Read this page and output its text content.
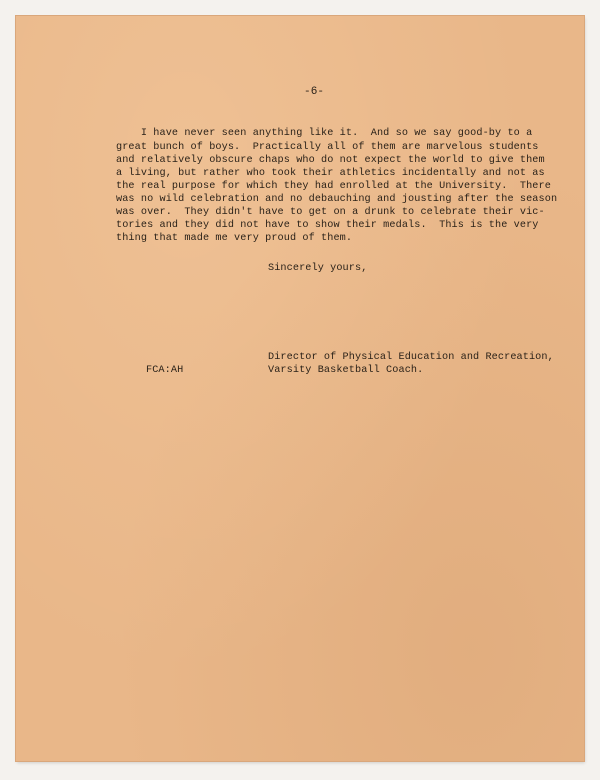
-6-
I have never seen anything like it.  And so we say good-by to a
great bunch of boys.  Practically all of them are marvelous students
and relatively obscure chaps who do not expect the world to give them
a living, but rather who took their athletics incidentally and not as
the real purpose for which they had enrolled at the University.  There
was no wild celebration and no debauching and jousting after the season
was over.  They didn't have to get on a drunk to celebrate their vic-
tories and they did not have to show their medals.  This is the very
thing that made me very proud of them.
Sincerely yours,
Director of Physical Education and Recreation,
FCA:AH	Varsity Basketball Coach.
